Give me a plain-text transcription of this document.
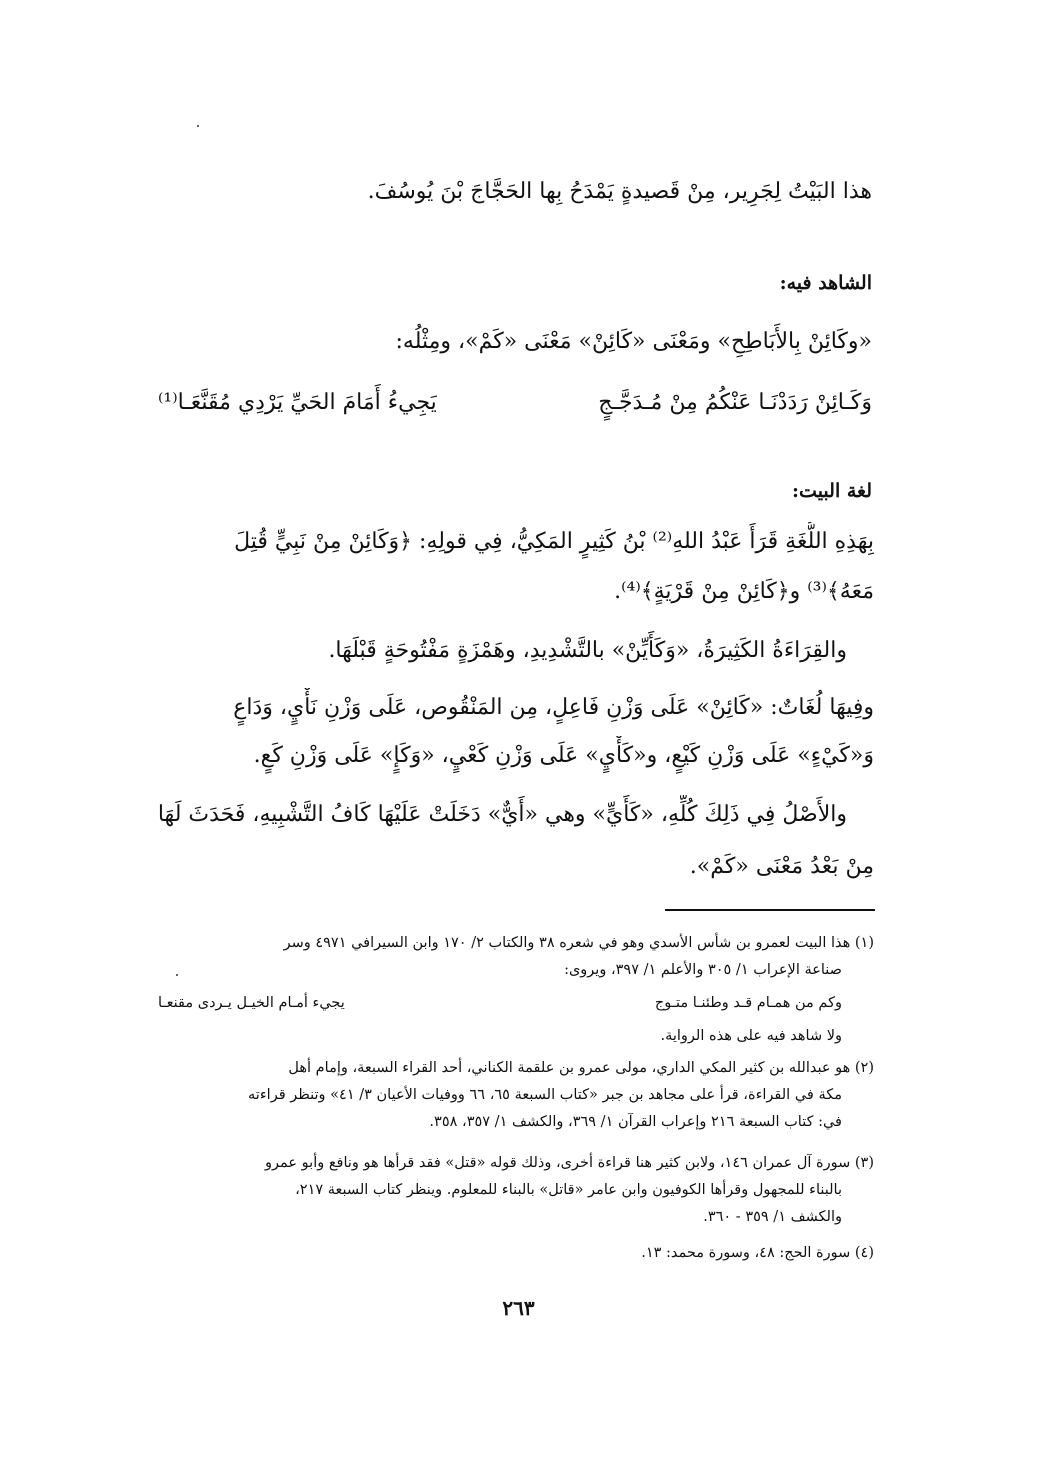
هذا البَيْتُ لِجَرِير، مِنْ قَصيدةٍ يَمْدَحُ بِها الحَجَّاجَ بْنَ يُوسُفَ.
الشاهد فيه:
«وكَائِنْ بِالأَبَاطِحِ» ومَعْنَى «كَائِنْ» مَعْنَى «كَمْ»، ومِثْلُه:
وَكَـائِنْ رَدَدْنَـا عَنْكُمُ مِنْ مُـدَجَّـجٍ
يَجِيءُ أَمَامَ الحَيِّ يَرْدِي مُقَنَّعَـا⁽¹⁾
لغة البيت:
بِهَذِهِ اللُّغَةِ قَرَأَ عَبْدُ اللهِ⁽²⁾ بْنُ كَثِيرٍ المَكِيُّ، فِي قولِهِ: ﴿وَكَائِنْ مِنْ نَبِيٍّ قُتِلَ
مَعَهُ﴾⁽³⁾ و﴿كَائِنْ مِنْ قَرْيَةٍ﴾⁽⁴⁾.
والقِرَاءَةُ الكَثِيرَةُ، «وَكَأَيِّنْ» بالتَّشْدِيدِ، وهَمْزَةٍ مَفْتُوحَةٍ قَبْلَهَا.
وفِيهَا لُغَاتٌ: «كَائِنْ» عَلَى وَزْنِ فَاعِلٍ، مِن المَنْقُوص، عَلَى وَزْنِ نَأْيٍ، وَدَاعٍ
وَ«كَيْءٍ» عَلَى وَزْنِ كَيْعٍ، و«كَأْيٍ» عَلَى وَزْنِ كَعْيٍ، «وَكَإٍ» عَلَى وَزْنِ كَعٍ.
والأَصْلُ فِي ذَلِكَ كُلِّهِ، «كَأَيٍّ» وهي «أَيٌّ» دَخَلَتْ عَلَيْهَا كَافُ التَّشْبِيهِ، فَحَدَثَ لَهَا
مِنْ بَعْدُ مَعْنَى «كَمْ».
(١) هذا البيت لعمرو بن شأس الأسدي وهو في شعره ٣٨ والكتاب ٢/ ١٧٠ وابن السيرافي ٤٩٧١ وسر
صناعة الإعراب ١/ ٣٠٥ والأعلم ١/ ٣٩٧، ويروى:
وكم من همـام قـد وطئنـا متـوج
يجيء أمـام الخيـل يـردى مقنعـا
ولا شاهد فيه على هذه الرواية.
(٢) هو عبدالله بن كثير المكي الداري، مولى عمرو بن علقمة الكناني، أحد القراء السبعة، وإمام أهل
مكة في القراءة، قرأ على مجاهد بن جبر «كتاب السبعة ٦٥، ٦٦ ووفيات الأعيان ٣/ ٤١» وتنظر قراءته
في: كتاب السبعة ٢١٦ وإعراب القرآن ١/ ٣٦٩، والكشف ١/ ٣٥٧، ٣٥٨.
(٣) سورة آل عمران ١٤٦، ولابن كثير هنا قراءة أخرى، وذلك قوله «قتل» فقد قرأها هو ونافع وأبو عمرو
بالبناء للمجهول وقرأها الكوفيون وابن عامر «قاتل» بالبناء للمعلوم. وينظر كتاب السبعة ٢١٧،
والكشف ١/ ٣٥٩ - ٣٦٠.
(٤) سورة الحج: ٤٨، وسورة محمد: ١٣.
٢٦٣
